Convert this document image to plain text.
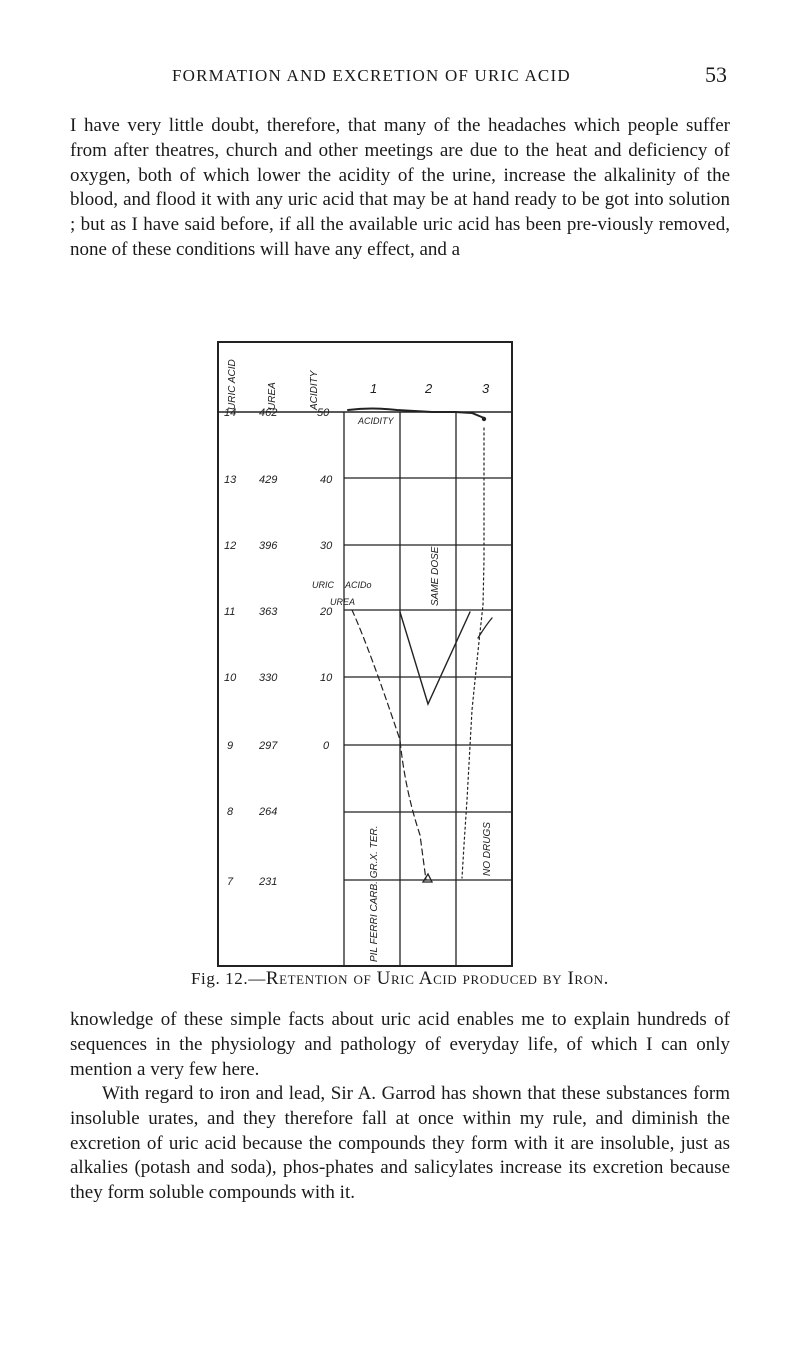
FORMATION AND EXCRETION OF URIC ACID	53

I have very little doubt, therefore, that many of the headaches which people suffer from after theatres, church and other meetings are due to the heat and deficiency of oxygen, both of which lower the acidity of the urine, increase the alkalinity of the blood, and flood it with any uric acid that may be at hand ready to be got into solution ; but as I have said before, if all the available uric acid has been pre-viously removed, none of these conditions will have any effect, and a

URIC ACID	UREA	ACIDITY	1	2	3
14 462	50
13 429	40
12 396	30
11 363	20
10 330	10
9 297	0
8 264
7 231
ACIDITY
SAME DOSE
URIC ACIDo
UREA
PIL FERRI CARB. GR.X. TER.	NO DRUGS
Fig. 12.—Retention of Uric Acid produced by Iron.

knowledge of these simple facts about uric acid enables me to explain hundreds of sequences in the physiology and pathology of everyday life, of which I can only mention a very few here.

With regard to iron and lead, Sir A. Garrod has shown that these substances form insoluble urates, and they therefore fall at once within my rule, and diminish the excretion of uric acid because the compounds they form with it are insoluble, just as alkalies (potash and soda), phos-phates and salicylates increase its excretion because they form soluble compounds with it.
